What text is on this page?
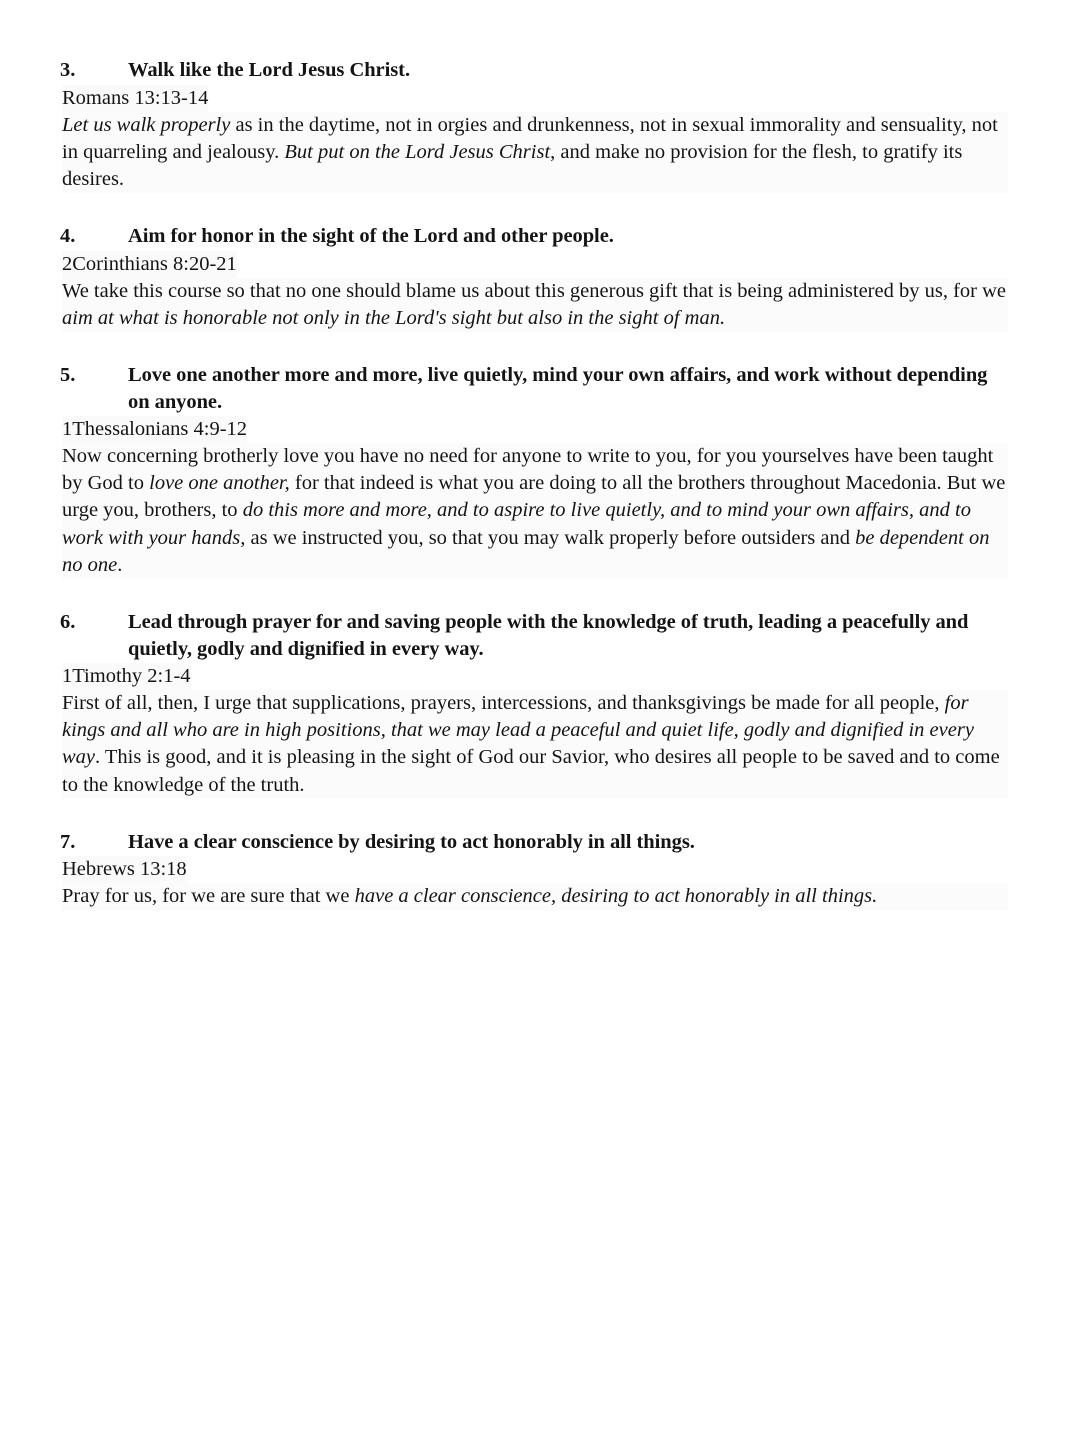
3.	Walk like the Lord Jesus Christ.
Romans 13:13-14
Let us walk properly as in the daytime, not in orgies and drunkenness, not in sexual immorality and sensuality, not in quarreling and jealousy. But put on the Lord Jesus Christ, and make no provision for the flesh, to gratify its desires.
4.	Aim for honor in the sight of the Lord and other people.
2Corinthians 8:20-21
We take this course so that no one should blame us about this generous gift that is being administered by us, for we aim at what is honorable not only in the Lord's sight but also in the sight of man.
5.	Love one another more and more, live quietly, mind your own affairs, and work without depending on anyone.
1Thessalonians 4:9-12
Now concerning brotherly love you have no need for anyone to write to you, for you yourselves have been taught by God to love one another, for that indeed is what you are doing to all the brothers throughout Macedonia. But we urge you, brothers, to do this more and more, and to aspire to live quietly, and to mind your own affairs, and to work with your hands, as we instructed you, so that you may walk properly before outsiders and be dependent on no one.
6.	Lead through prayer for and saving people with the knowledge of truth, leading a peacefully and quietly, godly and dignified in every way.
1Timothy 2:1-4
First of all, then, I urge that supplications, prayers, intercessions, and thanksgivings be made for all people, for kings and all who are in high positions, that we may lead a peaceful and quiet life, godly and dignified in every way. This is good, and it is pleasing in the sight of God our Savior, who desires all people to be saved and to come to the knowledge of the truth.
7.	Have a clear conscience by desiring to act honorably in all things.
Hebrews 13:18
Pray for us, for we are sure that we have a clear conscience, desiring to act honorably in all things.
